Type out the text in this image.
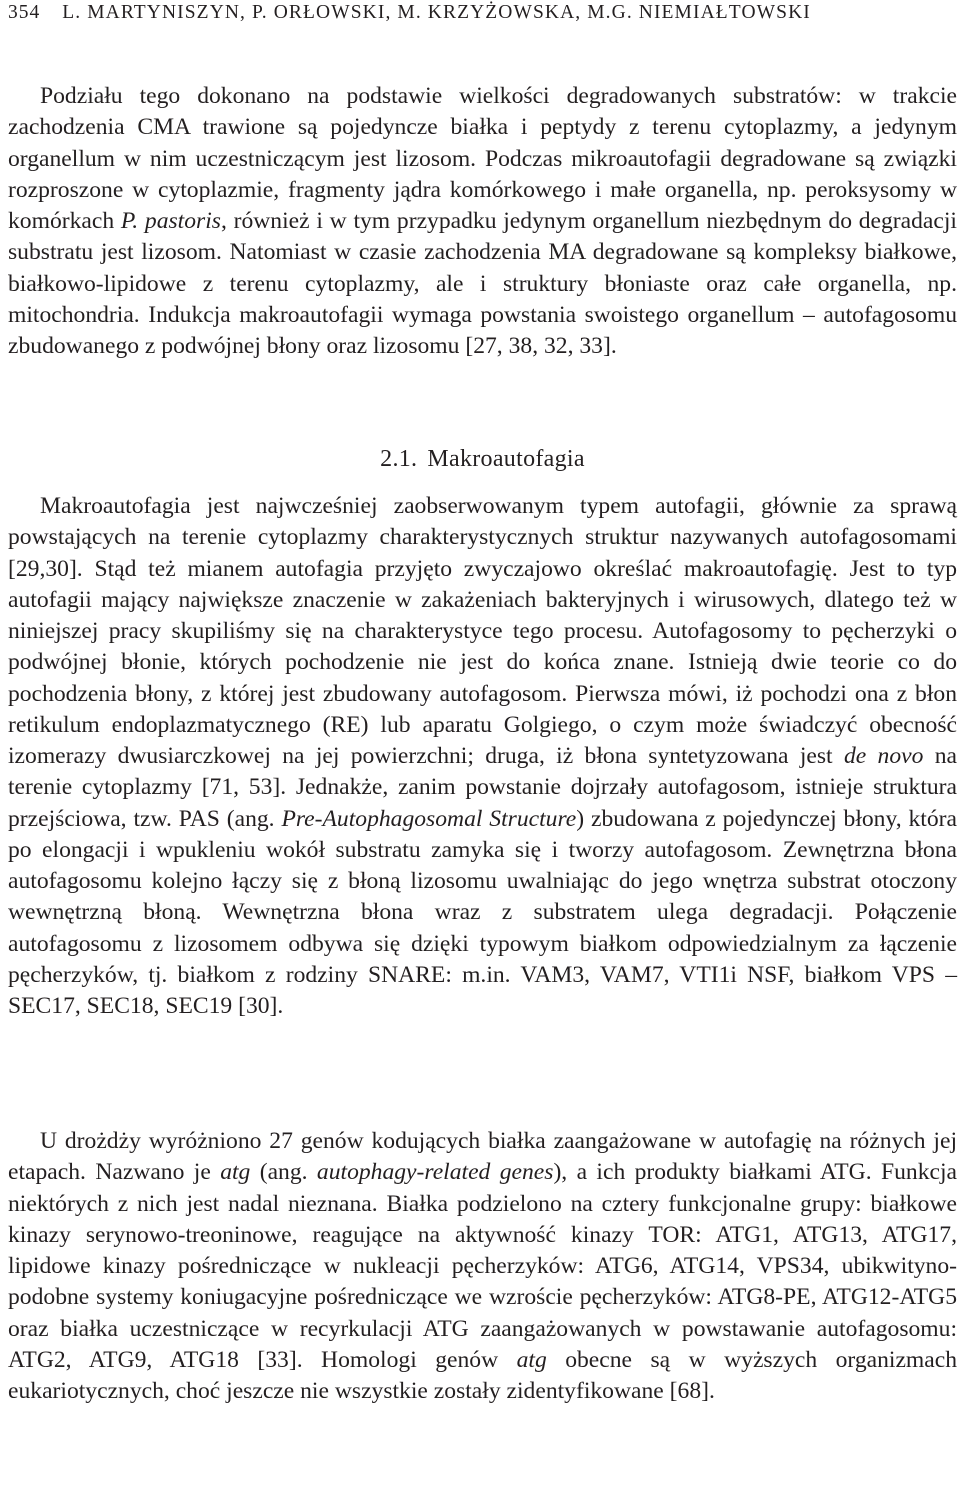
354 L. MARTYNISZYN, P. ORŁOWSKI, M. KRZYŻOWSKA, M.G. NIEMIAŁTOWSKI

Podziału tego dokonano na podstawie wielkości degradowanych substratów: w trakcie zachodzenia CMA trawione są pojedyncze białka i peptydy z terenu cytoplazmy, a jedynym organellum w nim uczestniczącym jest lizosom. Podczas mikroautofagii degradowane są związki rozproszone w cytoplazmie, fragmenty jądra komórkowego i małe organella, np. peroksysomy w komórkach P. pastoris, również i w tym przypadku jedynym organellum niezbędnym do degradacji substratu jest lizosom. Natomiast w czasie zachodzenia MA degradowane są kompleksy białkowe, białkowo-lipidowe z terenu cytoplazmy, ale i struktury błoniaste oraz całe organella, np. mitochondria. Indukcja makroautofagii wymaga powstania swoistego organellum – autofagosomu zbudowanego z podwójnej błony oraz lizosomu [27, 38, 32, 33].

2.1. Makroautofagia

Makroautofagia jest najwcześniej zaobserwowanym typem autofagii, głównie za sprawą powstających na terenie cytoplazmy charakterystycznych struktur nazywanych autofagosomami [29,30]. Stąd też mianem autofagia przyjęto zwyczajowo określać makroautofagię. Jest to typ autofagii mający największe znaczenie w zakażeniach bakteryjnych i wirusowych, dlatego też w niniejszej pracy skupiliśmy się na charakterystyce tego procesu. Autofagosomy to pęcherzyki o podwójnej błonie, których pochodzenie nie jest do końca znane. Istnieją dwie teorie co do pochodzenia błony, z której jest zbudowany autofagosom. Pierwsza mówi, iż pochodzi ona z błon retikulum endoplazmatycznego (RE) lub aparatu Golgiego, o czym może świadczyć obecność izomerazy dwusiarczkowej na jej powierzchni; druga, iż błona syntetyzowana jest de novo na terenie cytoplazmy [71, 53]. Jednakże, zanim powstanie dojrzały autofagosom, istnieje struktura przejściowa, tzw. PAS (ang. Pre-Autophagosomal Structure) zbudowana z pojedynczej błony, która po elongacji i wpukleniu wokół substratu zamyka się i tworzy autofagosom. Zewnętrzna błona autofagosomu kolejno łączy się z błoną lizosomu uwalniając do jego wnętrza substrat otoczony wewnętrzną błoną. Wewnętrzna błona wraz z substratem ulega degradacji. Połączenie autofagosomu z lizosomem odbywa się dzięki typowym białkom odpowiedzialnym za łączenie pęcherzyków, tj. białkom z rodziny SNARE: m.in. VAM3, VAM7, VTI1i NSF, białkom VPS – SEC17, SEC18, SEC19 [30].

U drożdży wyróżniono 27 genów kodujących białka zaangażowane w autofagię na różnych jej etapach. Nazwano je atg (ang. autophagy-related genes), a ich produkty białkami ATG. Funkcja niektórych z nich jest nadal nieznana. Białka podzielono na cztery funkcjonalne grupy: białkowe kinazy serynowo-treoninowe, reagujące na aktywność kinazy TOR: ATG1, ATG13, ATG17, lipidowe kinazy pośredniczące w nukleacji pęcherzyków: ATG6, ATG14, VPS34, ubikwityno-podobne systemy koniugacyjne pośredniczące we wzroście pęcherzyków: ATG8-PE, ATG12-ATG5 oraz białka uczestniczące w recyrkulacji ATG zaangażowanych w powstawanie autofagosomu: ATG2, ATG9, ATG18 [33]. Homologi genów atg obecne są w wyższych organizmach eukariotycznych, choć jeszcze nie wszystkie zostały zidentyfikowane [68].
